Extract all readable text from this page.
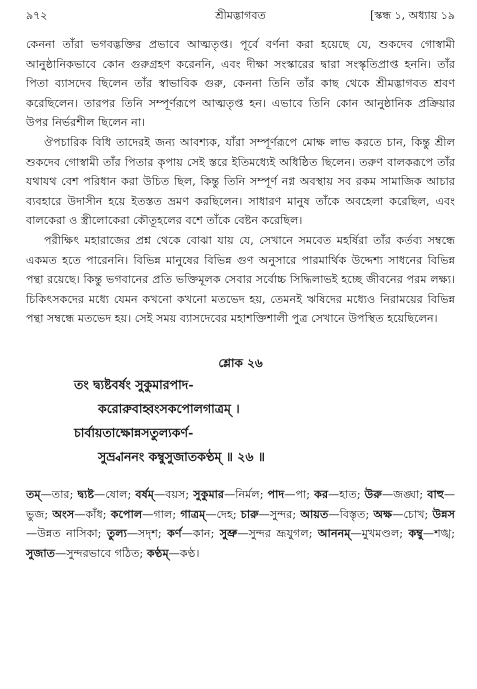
৯৭২	শ্রীমদ্ভাগবত	[স্কন্ধ ১, অধ্যায় ১৯

কেননা তাঁরা ভগবদ্ভক্তির প্রভাবে আত্মতৃপ্ত। পূর্বে বর্ণনা করা হয়েছে যে, শুকদেব গোস্বামী আনুষ্ঠানিকভাবে কোন গুরুগ্রহণ করেননি, এবং দীক্ষা সংস্কারের দ্বারা সংস্কৃতিপ্রাপ্ত হননি। তাঁর পিতা ব্যাসদেব ছিলেন তাঁর স্বাভাবিক গুরু, কেননা তিনি তাঁর কাছ থেকে শ্রীমদ্ভাগবত শ্রবণ করেছিলেন। তারপর তিনি সম্পূর্ণরূপে আত্মতৃপ্ত হন। এভাবে তিনি কোন আনুষ্ঠানিক প্রক্রিয়ার উপর নির্ভরশীল ছিলেন না।

ঔপচারিক বিধি তাদেরই জন্য আবশ্যক, যাঁরা সম্পূর্ণরূপে মোক্ষ লাভ করতে চান, কিন্তু শ্রীল শুকদেব গোস্বামী তাঁর পিতার কৃপায় সেই স্তরে ইতিমধ্যেই অধিষ্ঠিত ছিলেন। তরুণ বালকরূপে তাঁর যথাযথ বেশ পরিধান করা উচিত ছিল, কিন্তু তিনি সম্পূর্ণ নগ্ন অবস্থায় সব রকম সামাজিক আচার ব্যবহারে উদাসীন হয়ে ইতস্তত ভ্রমণ করছিলেন। সাধারণ মানুষ তাঁকে অবহেলা করেছিল, এবং বালকেরা ও স্ত্রীলোকেরা কৌতূহলের বশে তাঁকে বেষ্টন করেছিল।

পরীক্ষিৎ মহারাজের প্রশ্ন থেকে বোঝা যায় যে, সেখানে সমবেত মহর্ষিরা তাঁর কর্তব্য সম্বন্ধে একমত হতে পারেননি। বিভিন্ন মানুষের বিভিন্ন গুণ অনুসারে পারমার্থিক উদ্দেশ্য সাধনের বিভিন্ন পন্থা রয়েছে। কিন্তু ভগবানের প্রতি ভক্তিমূলক সেবার সর্বোচ্চ সিদ্ধিলাভই হচ্ছে জীবনের পরম লক্ষ্য। চিকিৎসকদের মধ্যে যেমন কখনো কখনো মতভেদ হয়, তেমনই ঋষিদের মধ্যেও নিরাময়ের বিভিন্ন পন্থা সম্বন্ধে মতভেদ হয়। সেই সময় ব্যাসদেবের মহাশক্তিশালী পুত্র সেখানে উপস্থিত হয়েছিলেন।

শ্লোক ২৬

তং দ্ব্যষ্টবর্ষং সুকুমারপাদ-

করোরুবাহ্বংসকপোলগাত্রম্ ।

চার্বায়তাক্ষোন্নসতুল্যকর্ণ-

সুভ্র্বাননং কম্বুসুজাতকণ্ঠম্ ॥ ২৬ ॥

তম্—তার; দ্ব্যষ্ট—ষোল; বর্ষম্—বয়স; সুকুমার—নির্মল; পাদ—পা; কর—হাত; উরু—জঙ্ঘা; বাহু—ভুজ; অংস—কাঁধ; কপোল—গাল; গাত্রম্—দেহ; চারু—সুন্দর; আয়ত—বিস্তৃত; অক্ষ—চোখ; উন্নস—উন্নত নাসিকা; তুল্য—সদৃশ; কর্ণ—কান; সুভ্রু—সুন্দর ভ্রূযুগল; আননম্—মুখমণ্ডল; কম্বু—শঙ্খ; সুজাত—সুন্দরভাবে গঠিত; কণ্ঠম্—কণ্ঠ।
